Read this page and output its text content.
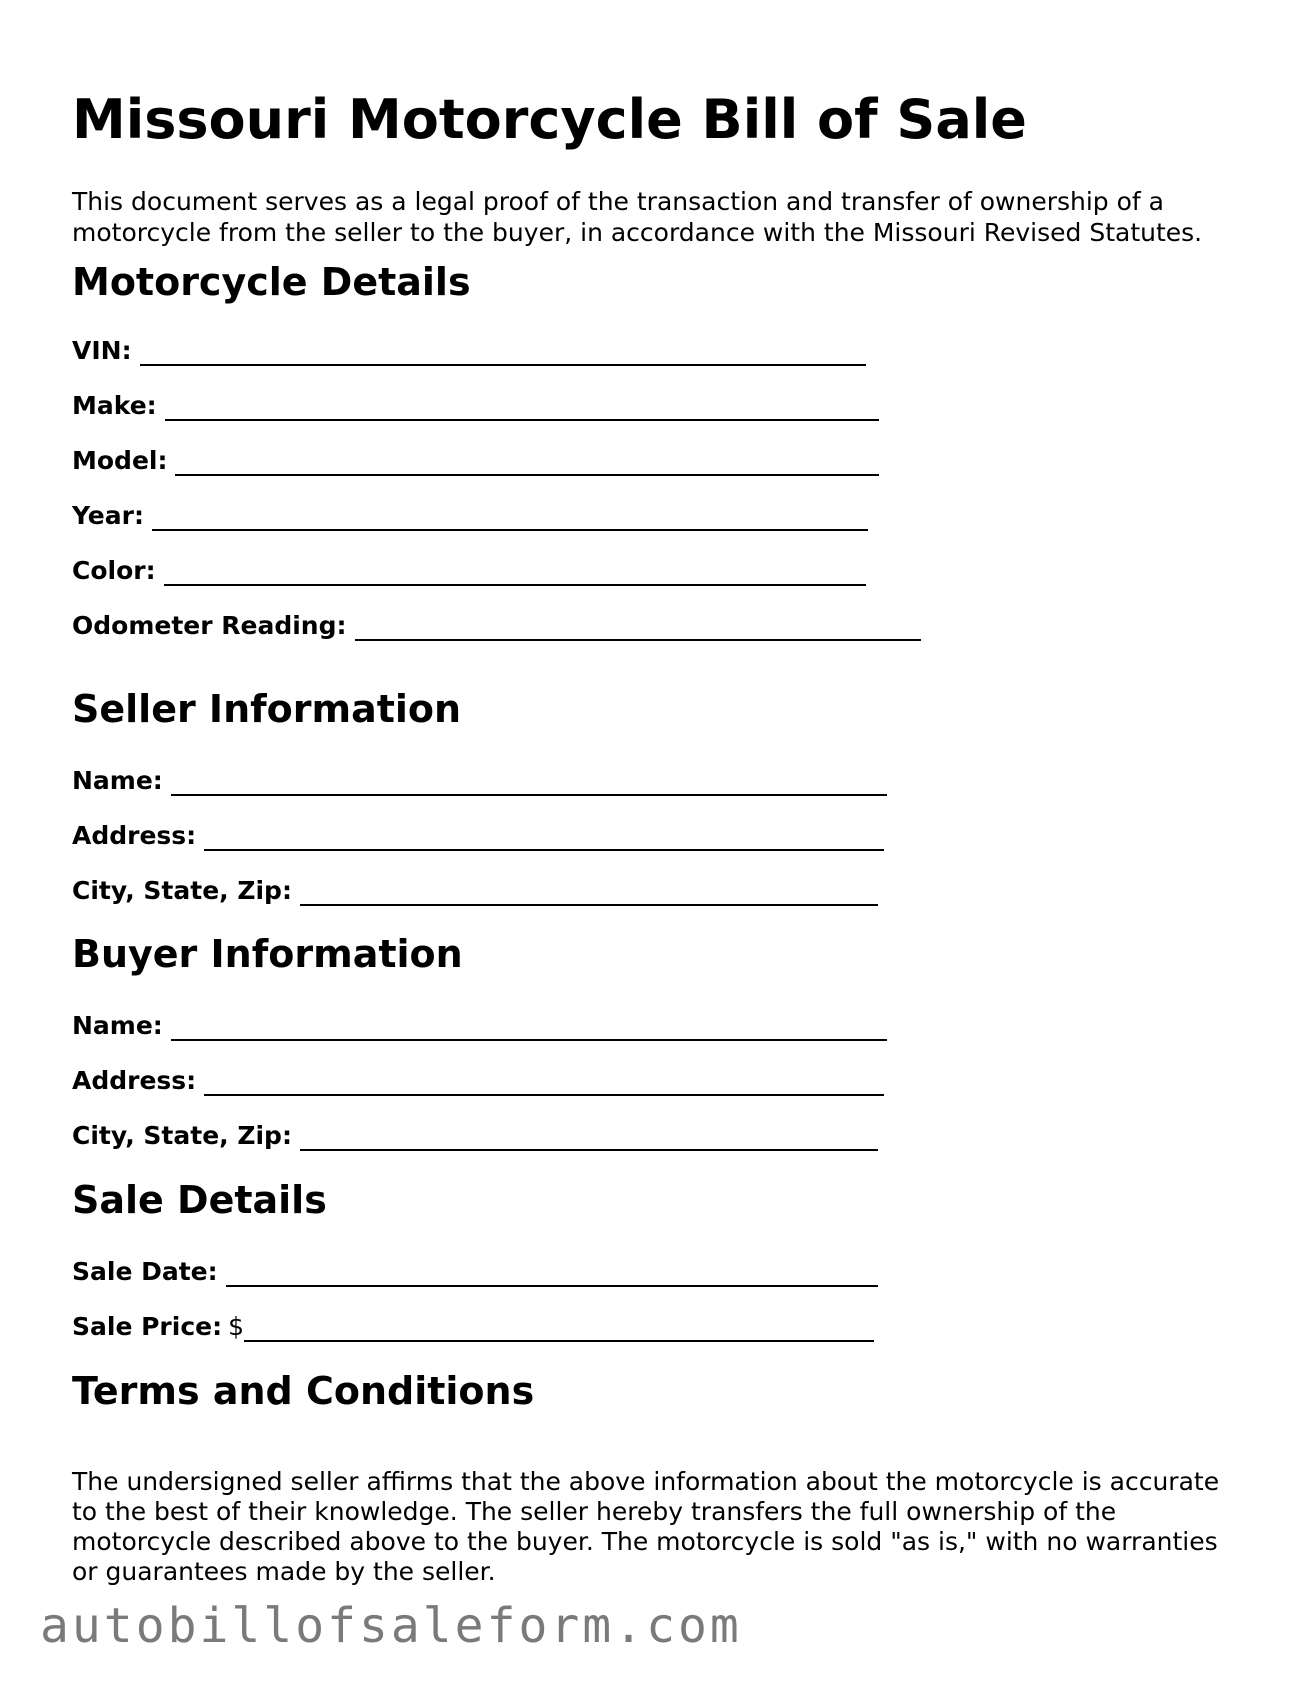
Missouri Motorcycle Bill of Sale

This document serves as a legal proof of the transaction and transfer of ownership of a motorcycle from the seller to the buyer, in accordance with the Missouri Revised Statutes.

Motorcycle Details
VIN:
Make:
Model:
Year:
Color:
Odometer Reading:
Seller Information
Name:
Address:
City, State, Zip:
Buyer Information
Name:
Address:
City, State, Zip:
Sale Details
Sale Date:
Sale Price: $
Terms and Conditions

The undersigned seller affirms that the above information about the motorcycle is accurate to the best of their knowledge. The seller hereby transfers the full ownership of the motorcycle described above to the buyer. The motorcycle is sold "as is," with no warranties or guarantees made by the seller.

autobillofsaleform.com
